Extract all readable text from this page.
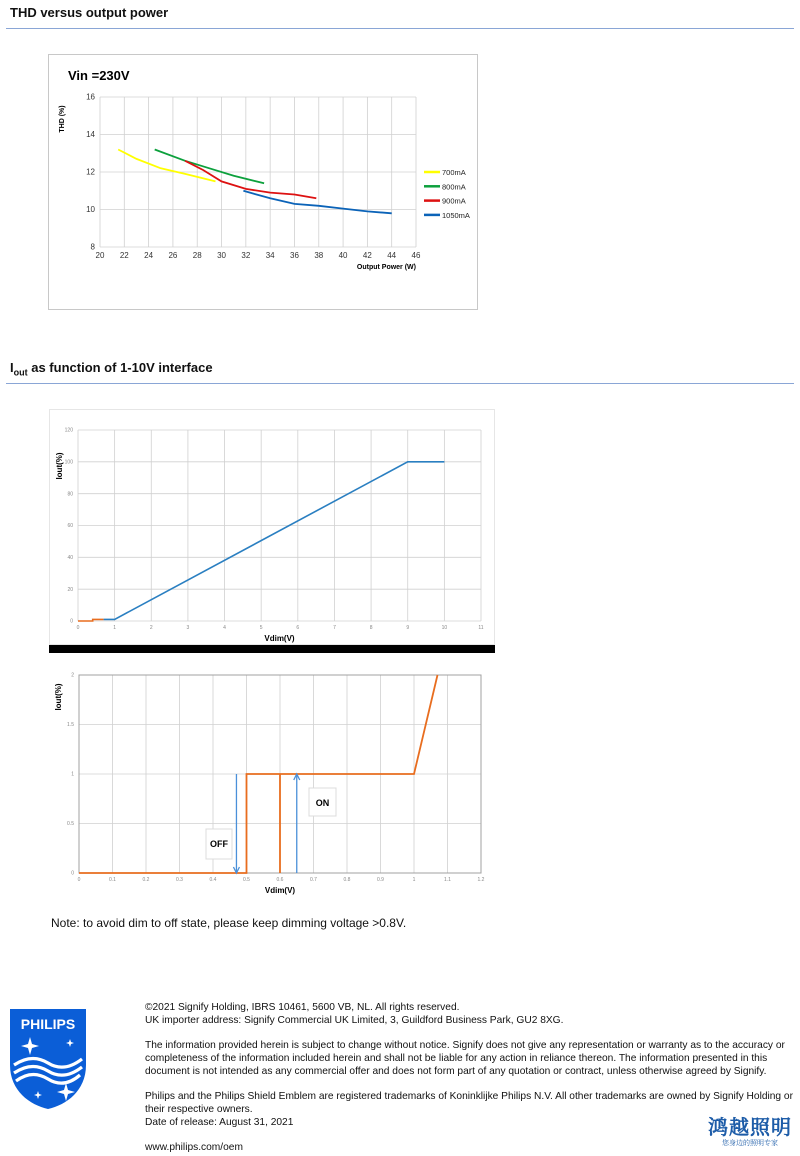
THD versus output power
20 22 24 26 28 30 32 34 36 38 40 42 44 46
8
10
12
14
16
Vin =230V
Output Power (W)
THD (%)
700mA
800mA
900mA
1050mA
$I_{out}$ as function of 1-10V interface
0	1	2	3	4	5	6	7	8	9	10	11
0
20
40
60
80
100
120
Vdim(V)
Iout(%)
0	0.1	0.2	0.3	0.4	0.5	0.6	0.7	0.8	0.9	1	1.1	1.2
0
0.5
1
1.5
2
Vdim(V)
Iout(%)
OFF
ON
Note: to avoid dim to off state, please keep dimming voltage >0.8V.
PHILIPS

©2021 Signify Holding, IBRS 10461, 5600 VB, NL. All rights reserved.

UK importer address: Signify Commercial UK Limited, 3, Guildford Business Park, GU2 8XG.

The information provided herein is subject to change without notice. Signify does not give any representation or warranty as to the accuracy or completeness of the information included herein and shall not be liable for any action in reliance thereon. The information presented in this document is not intended as any commercial offer and does not form part of any quotation or contract, unless otherwise agreed by Signify.

Philips and the Philips Shield Emblem are registered trademarks of Koninklijke Philips N.V. All other trademarks are owned by Signify Holding or their respective owners.

Date of release: August 31, 2021

www.philips.com/oem

鸿越照明
您身边的照明专家
